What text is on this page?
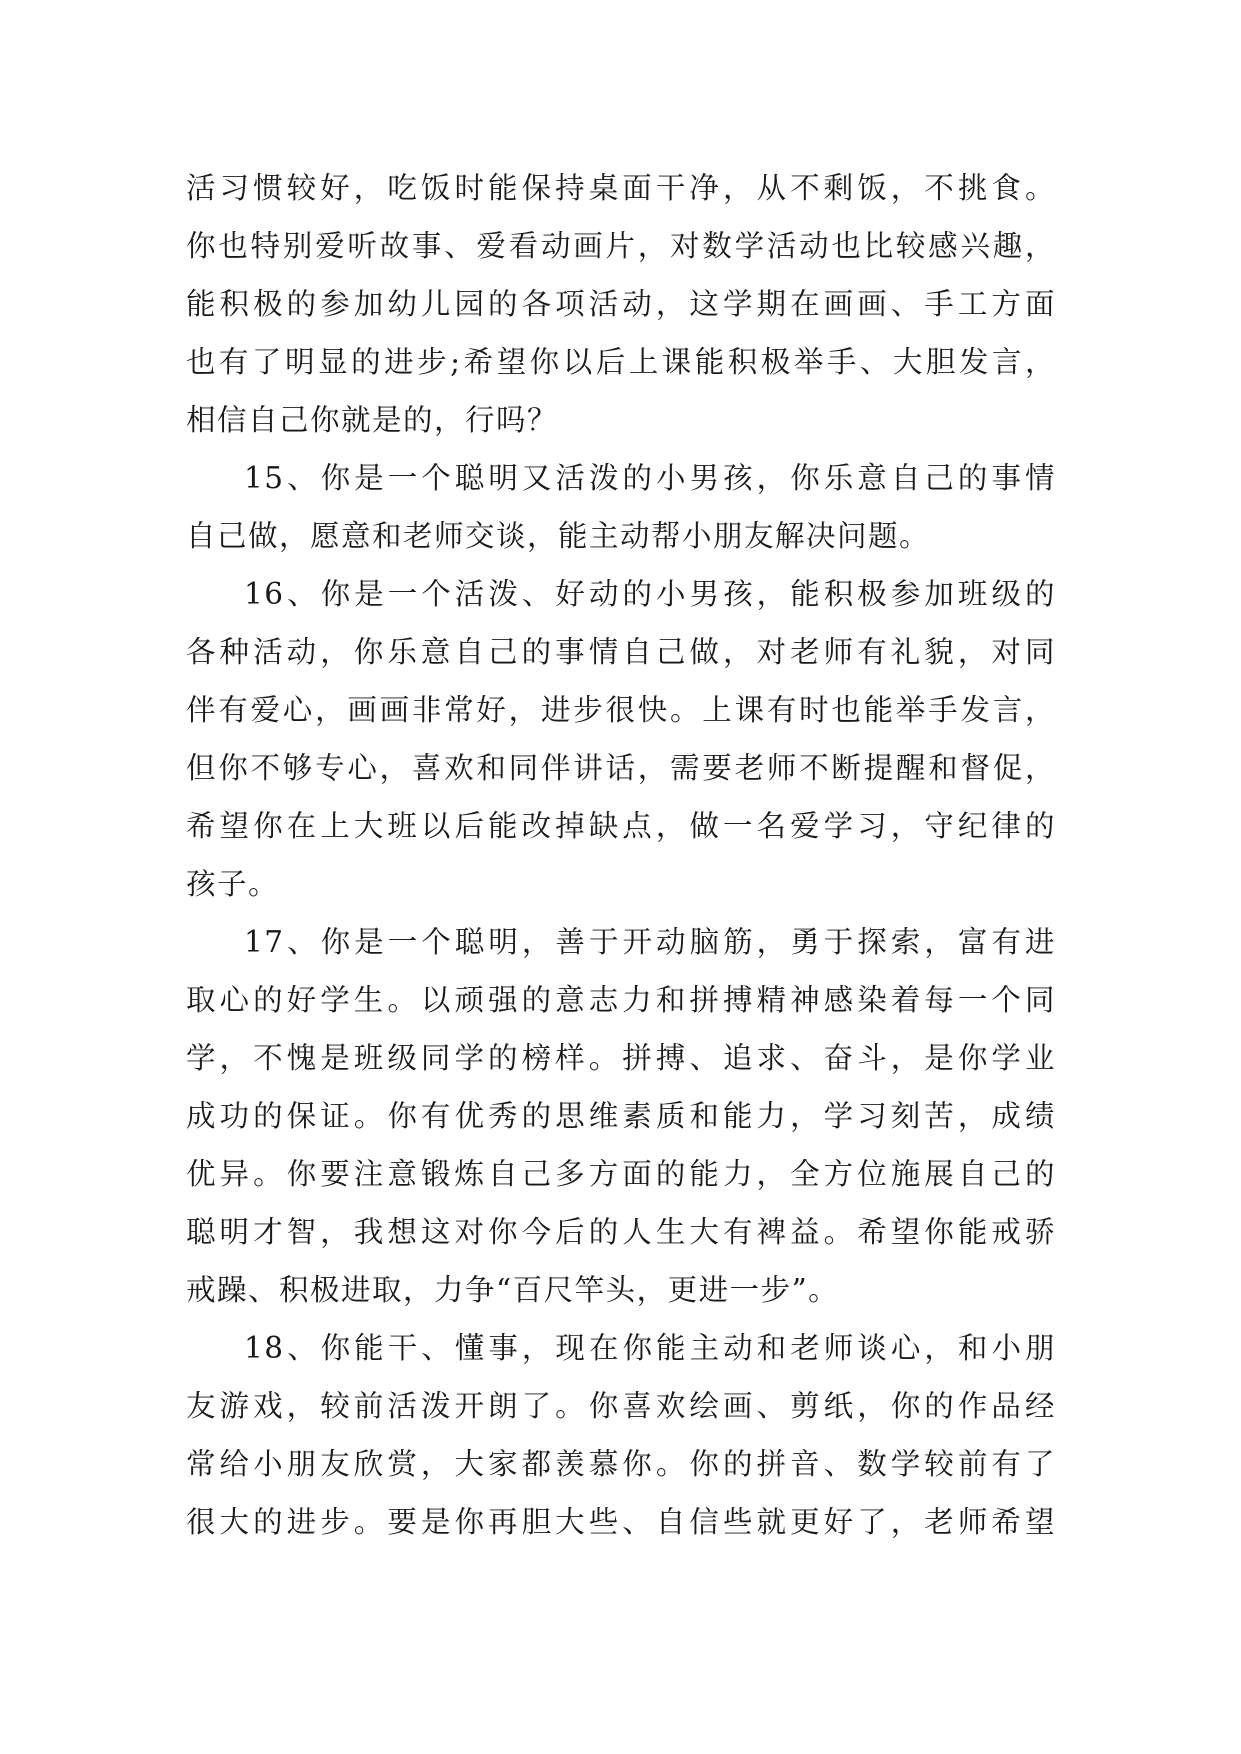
活习惯较好，吃饭时能保持桌面干净，从不剩饭，不挑食。
你也特别爱听故事、爱看动画片，对数学活动也比较感兴趣，
能积极的参加幼儿园的各项活动，这学期在画画、手工方面
也有了明显的进步;希望你以后上课能积极举手、大胆发言，
相信自己你就是的，行吗？
15、你是一个聪明又活泼的小男孩，你乐意自己的事情
自己做，愿意和老师交谈，能主动帮小朋友解决问题。
16、你是一个活泼、好动的小男孩，能积极参加班级的
各种活动，你乐意自己的事情自己做，对老师有礼貌，对同
伴有爱心，画画非常好，进步很快。上课有时也能举手发言，
但你不够专心，喜欢和同伴讲话，需要老师不断提醒和督促，
希望你在上大班以后能改掉缺点，做一名爱学习，守纪律的
孩子。
17、你是一个聪明，善于开动脑筋，勇于探索，富有进
取心的好学生。以顽强的意志力和拼搏精神感染着每一个同
学，不愧是班级同学的榜样。拼搏、追求、奋斗，是你学业
成功的保证。你有优秀的思维素质和能力，学习刻苦，成绩
优异。你要注意锻炼自己多方面的能力，全方位施展自己的
聪明才智，我想这对你今后的人生大有裨益。希望你能戒骄
戒躁、积极进取，力争“百尺竿头，更进一步”。
18、你能干、懂事，现在你能主动和老师谈心，和小朋
友游戏，较前活泼开朗了。你喜欢绘画、剪纸，你的作品经
常给小朋友欣赏，大家都羡慕你。你的拼音、数学较前有了
很大的进步。要是你再胆大些、自信些就更好了，老师希望
